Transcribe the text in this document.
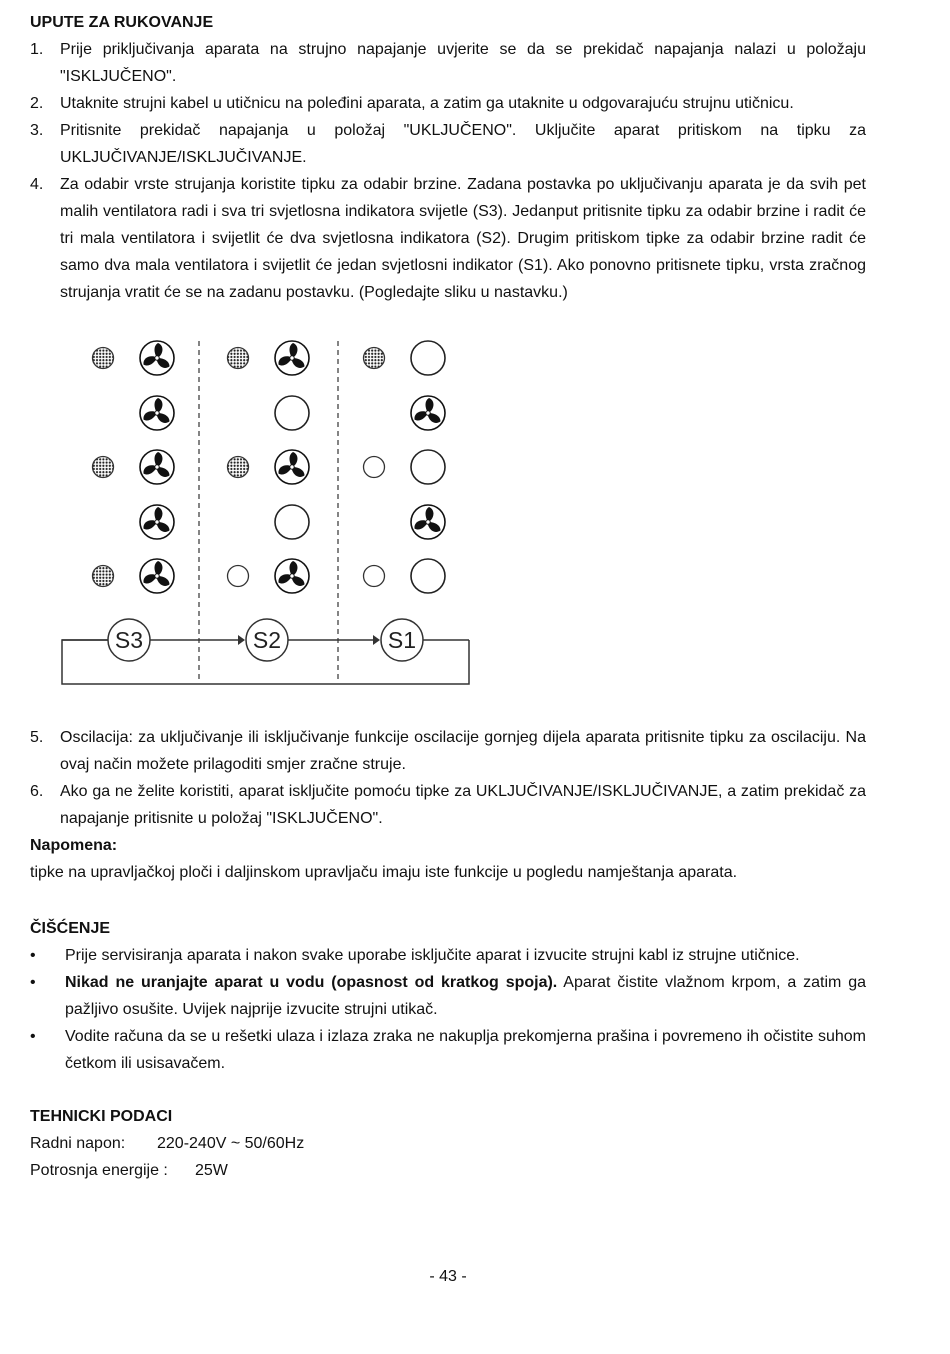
UPUTE ZA RUKOVANJE
1.	Prije priključivanja aparata na strujno napajanje uvjerite se da se prekidač napajanja nalazi u položaju "ISKLJUČENO".
2.	Utaknite strujni kabel u utičnicu na poleđini aparata, a zatim ga utaknite u odgovarajuću strujnu utičnicu.
3.	Pritisnite prekidač napajanja u položaj "UKLJUČENO". Uključite aparat pritiskom na tipku za UKLJUČIVANJE/ISKLJUČIVANJE.
4.	Za odabir vrste strujanja koristite tipku za odabir brzine. Zadana postavka po uključivanju aparata je da svih pet malih ventilatora radi i sva tri svjetlosna indikatora svijetle (S3). Jedanput pritisnite tipku za odabir brzine i radit će tri mala ventilatora i svijetlit će dva svjetlosna indikatora (S2). Drugim pritiskom tipke za odabir brzine radit će samo dva mala ventilatora i svijetlit će jedan svjetlosni indikator (S1). Ako ponovno pritisnete tipku, vrsta zračnog strujanja vratit će se na zadanu postavku. (Pogledajte sliku u nastavku.)
5.	Oscilacija: za uključivanje ili isključivanje funkcije oscilacije gornjeg dijela aparata pritisnite tipku za oscilaciju. Na ovaj način možete prilagoditi smjer zračne struje.
6.	Ako ga ne želite koristiti, aparat isključite pomoću tipke za UKLJUČIVANJE/ISKLJUČIVANJE, a zatim prekidač za napajanje pritisnite u položaj "ISKLJUČENO".
Napomena:
tipke na upravljačkoj ploči i daljinskom upravljaču imaju iste funkcije u pogledu namještanja aparata.
ČIŠĆENJE
•	Prije servisiranja aparata i nakon svake uporabe isključite aparat i izvucite strujni kabl iz strujne utičnice.
•	Nikad ne uranjajte aparat u vodu (opasnost od kratkog spoja). Aparat čistite vlažnom krpom, a zatim ga pažljivo osušite. Uvijek najprije izvucite strujni utikač.
•	Vodite računa da se u rešetki ulaza i izlaza zraka ne nakuplja prekomjerna prašina i povremeno ih očistite suhom četkom ili usisavačem.
TEHNICKI PODACI
Radni napon: 220-240V ~ 50/60Hz
Potrosnja energije : 25W
S3	S2	S1
- 43 -
